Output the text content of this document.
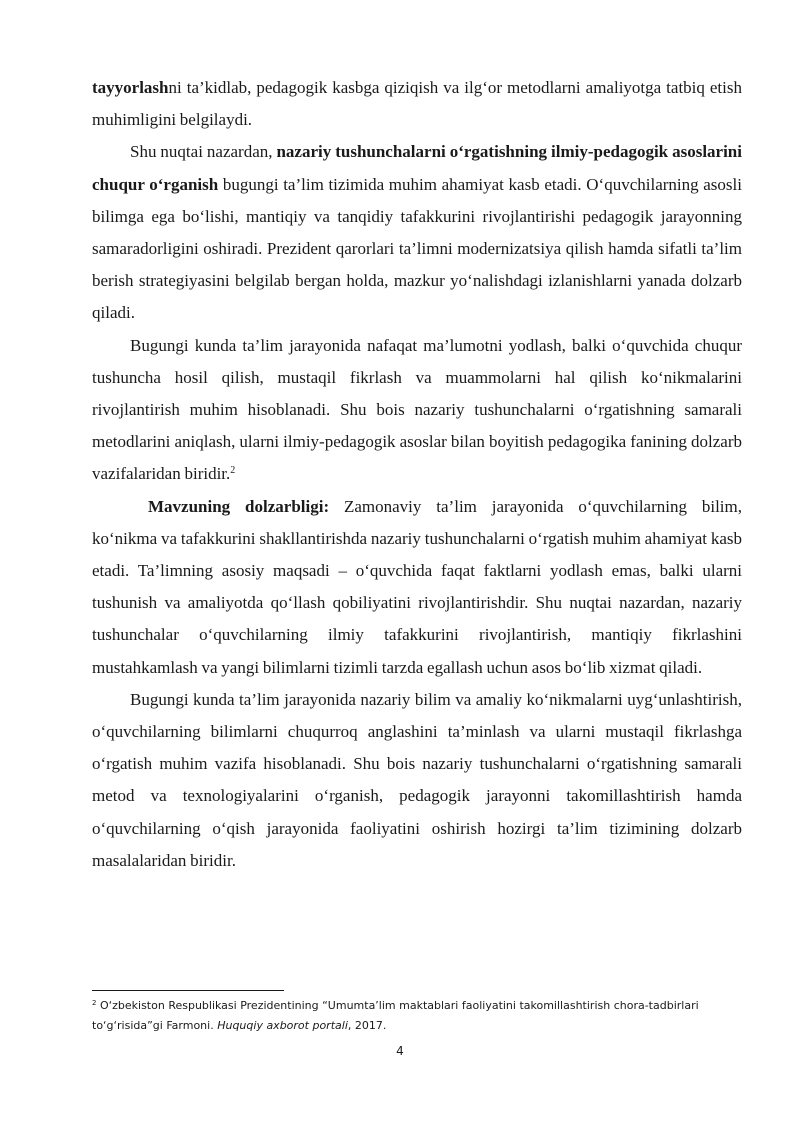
tayyorlashni ta’kidlab, pedagogik kasbga qiziqish va ilg‘or metodlarni amaliyotga tatbiq etish muhimligini belgilaydi.

Shu nuqtai nazardan, nazariy tushunchalarni o‘rgatishning ilmiy-pedagogik asoslarini chuqur o‘rganish bugungi ta’lim tizimida muhim ahamiyat kasb etadi. O‘quvchilarning asosli bilimga ega bo‘lishi, mantiqiy va tanqidiy tafakkurini rivojlantirishi pedagogik jarayonning samaradorligini oshiradi. Prezident qarorlari ta’limni modernizatsiya qilish hamda sifatli ta’lim berish strategiyasini belgilab bergan holda, mazkur yo‘nalishdagi izlanishlarni yanada dolzarb qiladi.

Bugungi kunda ta’lim jarayonida nafaqat ma’lumotni yodlash, balki o‘quvchida chuqur tushuncha hosil qilish, mustaqil fikrlash va muammolarni hal qilish ko‘nikmalarini rivojlantirish muhim hisoblanadi. Shu bois nazariy tushunchalarni o‘rgatishning samarali metodlarini aniqlash, ularni ilmiy-pedagogik asoslar bilan boyitish pedagogika fanining dolzarb vazifalaridan biridir.$^2$

Mavzuning dolzarbligi: Zamonaviy ta’lim jarayonida o‘quvchilarning bilim, ko‘nikma va tafakkurini shakllantirishda nazariy tushunchalarni o‘rgatish muhim ahamiyat kasb etadi. Ta’limning asosiy maqsadi – o‘quvchida faqat faktlarni yodlash emas, balki ularni tushunish va amaliyotda qo‘llash qobiliyatini rivojlantirishdir. Shu nuqtai nazardan, nazariy tushunchalar o‘quvchilarning ilmiy tafakkurini rivojlantirish, mantiqiy fikrlashini mustahkamlash va yangi bilimlarni tizimli tarzda egallash uchun asos bo‘lib xizmat qiladi.

Bugungi kunda ta’lim jarayonida nazariy bilim va amaliy ko‘nikmalarni uyg‘unlashtirish, o‘quvchilarning bilimlarni chuqurroq anglashini ta’minlash va ularni mustaqil fikrlashga o‘rgatish muhim vazifa hisoblanadi. Shu bois nazariy tushunchalarni o‘rgatishning samarali metod va texnologiyalarini o‘rganish, pedagogik jarayonni takomillashtirish hamda o‘quvchilarning o‘qish jarayonida faoliyatini oshirish hozirgi ta’lim tizimining dolzarb masalalaridan biridir.

$^2$ O‘zbekiston Respublikasi Prezidentining “Umumta’lim maktablari faoliyatini takomillashtirish chora-tadbirlari to‘g‘risida”gi Farmoni. Huquqiy axborot portali, 2017.
4
